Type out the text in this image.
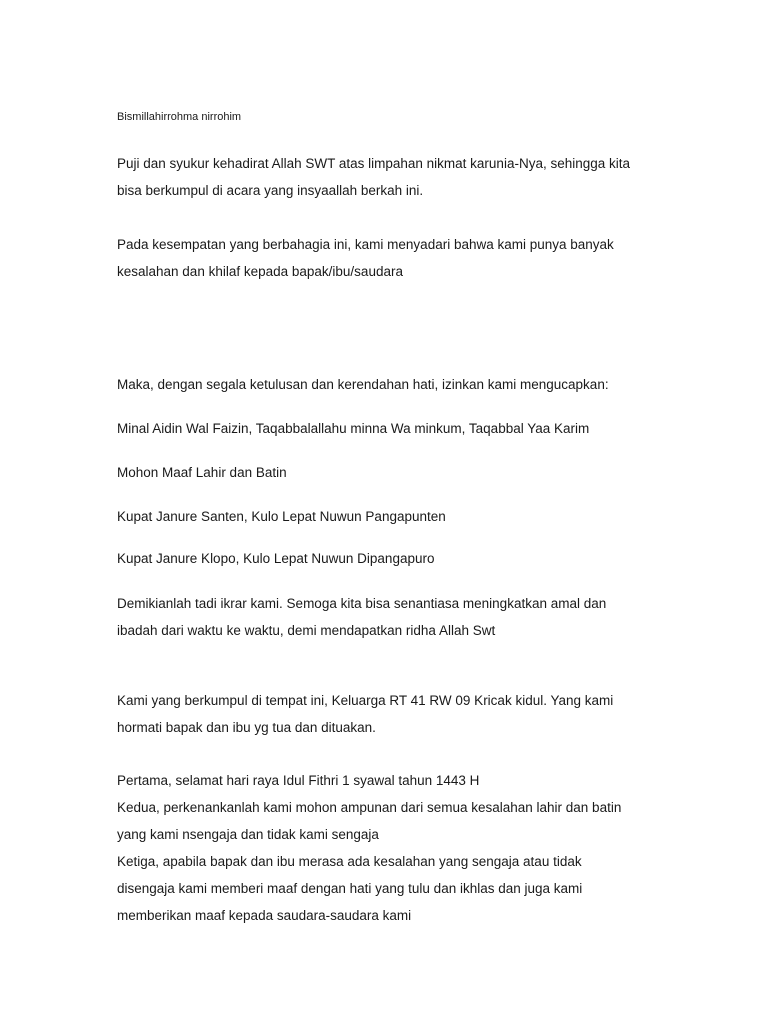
Bismillahirrohma nirrohim

Puji dan syukur kehadirat Allah SWT atas limpahan nikmat karunia-Nya, sehingga kita

bisa berkumpul di acara yang insyaallah berkah ini.

Pada kesempatan yang berbahagia ini, kami menyadari bahwa kami punya banyak

kesalahan dan khilaf kepada bapak/ibu/saudara

Maka, dengan segala ketulusan dan kerendahan hati, izinkan kami mengucapkan:

Minal Aidin Wal Faizin, Taqabbalallahu minna Wa minkum, Taqabbal Yaa Karim

Mohon Maaf Lahir dan Batin

Kupat Janure Santen, Kulo Lepat Nuwun Pangapunten

Kupat Janure Klopo, Kulo Lepat Nuwun Dipangapuro

Demikianlah tadi ikrar kami. Semoga kita bisa senantiasa meningkatkan amal dan

ibadah dari waktu ke waktu, demi mendapatkan ridha Allah Swt

Kami yang berkumpul di tempat ini, Keluarga RT 41 RW 09 Kricak kidul. Yang kami

hormati bapak dan ibu yg tua dan dituakan.

Pertama, selamat hari raya Idul Fithri 1 syawal tahun 1443 H

Kedua, perkenankanlah kami mohon ampunan dari semua kesalahan lahir dan batin

yang kami nsengaja dan tidak kami sengaja

Ketiga, apabila bapak dan ibu merasa ada kesalahan yang sengaja atau tidak

disengaja kami memberi maaf dengan hati yang tulu dan ikhlas dan juga kami

memberikan maaf kepada saudara-saudara kami
